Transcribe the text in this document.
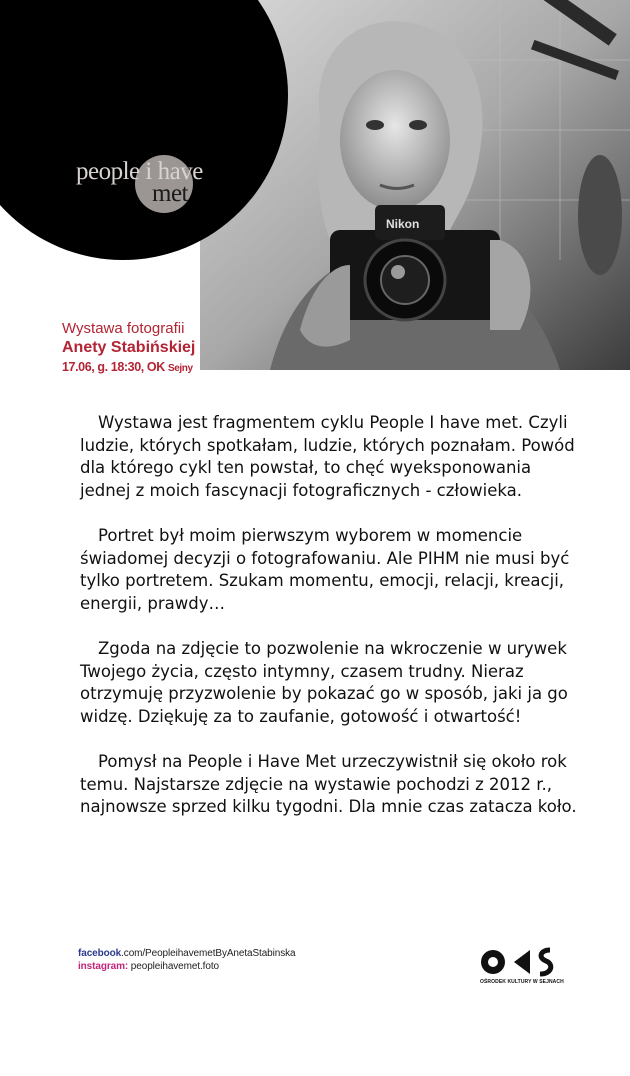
Nikon
people i have
met
Wystawa fotografii
Anety Stabińskiej
17.06, g. 18:30, OK Sejny

Wystawa jest fragmentem cyklu People I have met. Czyli ludzie, których spotkałam, ludzie, których poznałam. Powód dla którego cykl ten powstał, to chęć wyeksponowania jednej z moich fascynacji fotograficznych - człowieka.

Portret był moim pierwszym wyborem w momencie świadomej decyzji o fotografowaniu. Ale PIHM nie musi być tylko portretem. Szukam momentu, emocji, relacji, kreacji, energii, prawdy…

Zgoda na zdjęcie to pozwolenie na wkroczenie w urywek Twojego życia, często intymny, czasem trudny. Nieraz otrzymuję przyzwolenie by pokazać go w sposób, jaki ja go widzę. Dziękuję za to zaufanie, gotowość i otwartość!

Pomysł na People i Have Met urzeczywistnił się około rok temu. Najstarsze zdjęcie na wystawie pochodzi z 2012 r., najnowsze sprzed kilku tygodni. Dla mnie czas zatacza koło.

facebook.com/PeopleihavemetByAnetaStabinska
instagram: peopleihavemet.foto
OŚRODEK KULTURY W SEJNACH
